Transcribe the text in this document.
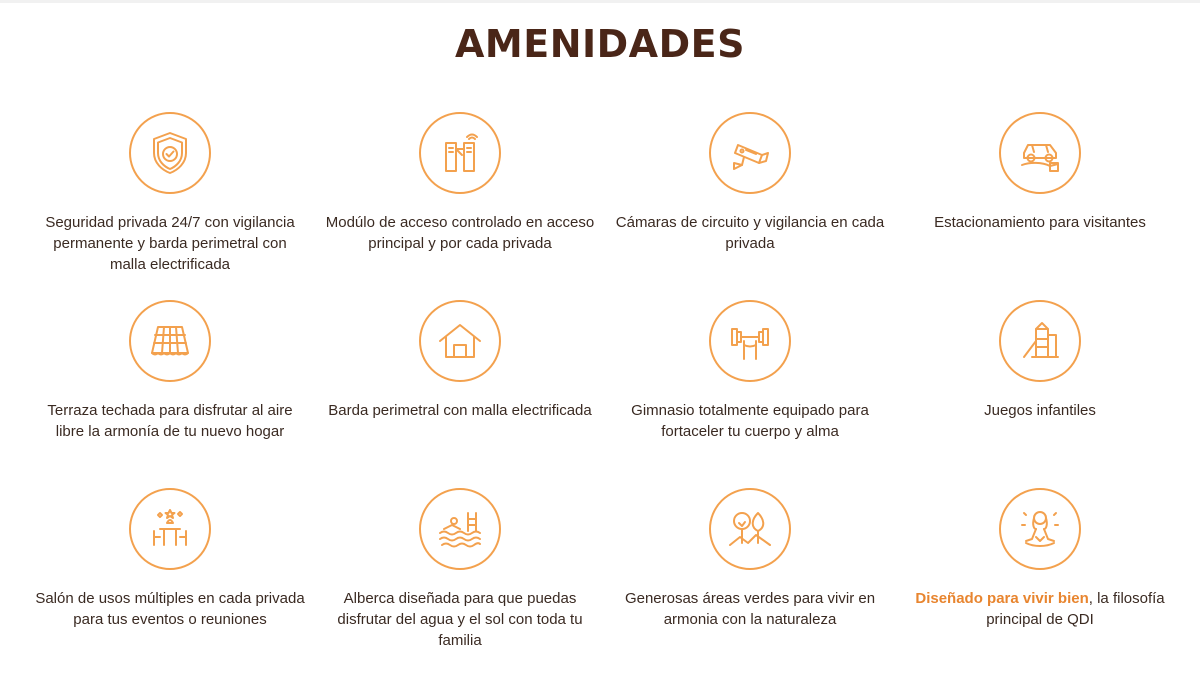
AMENIDADES
Seguridad privada 24/7 con vigilancia permanente y barda perimetral con malla electrificada
Modúlo de acceso controlado en acceso principal y por cada privada
Cámaras de circuito y vigilancia en cada privada
Estacionamiento para visitantes
Terraza techada para disfrutar al aire libre la armonía de tu nuevo hogar
Barda perimetral con malla electrificada	Gimnasio totalmente equipado para fortaceler tu cuerpo y alma
Juegos infantiles
Salón de usos múltiples en cada privada para tus eventos o reuniones
Alberca diseñada para que puedas disfrutar del agua y el sol con toda tu familia
Generosas áreas verdes para vivir en armonia con la naturaleza
Diseñado para vivir bien, la filosofía principal de QDI
